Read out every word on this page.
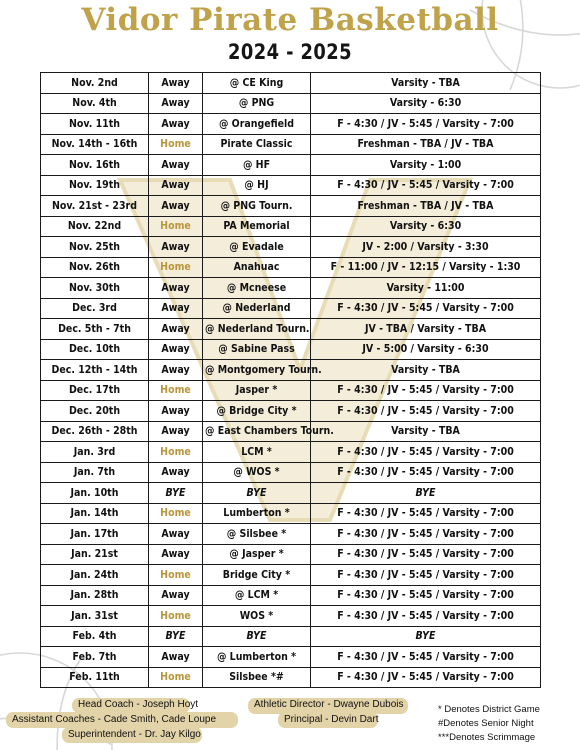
Vidor Pirate Basketball
2024 - 2025
Nov. 2nd	Away	@ CE King	Varsity - TBA
Nov. 4th	Away	@ PNG	Varsity - 6:30
Nov. 11th	Away	@ Orangefield	F - 4:30 / JV - 5:45 / Varsity - 7:00
Nov. 14th - 16th	Home	Pirate Classic	Freshman - TBA / JV - TBA
Nov. 16th	Away	@ HF	Varsity - 1:00
Nov. 19th	Away	@ HJ	F - 4:30 / JV - 5:45 / Varsity - 7:00
Nov. 21st - 23rd	Away	@ PNG Tourn.	Freshman - TBA / JV - TBA
Nov. 22nd	Home	PA Memorial	Varsity - 6:30
Nov. 25th	Away	@ Evadale	JV - 2:00 / Varsity - 3:30
Nov. 26th	Home	Anahuac	F - 11:00 / JV - 12:15 / Varsity - 1:30
Nov. 30th	Away	@ Mcneese	Varsity - 11:00
Dec. 3rd	Away	@ Nederland	F - 4:30 / JV - 5:45 / Varsity - 7:00
Dec. 5th - 7th	Away	@ Nederland Tourn.	JV - TBA / Varsity - TBA
Dec. 10th	Away	@ Sabine Pass	JV - 5:00 / Varsity - 6:30
Dec. 12th - 14th	Away	@ Montgomery Tourn.	Varsity - TBA
Dec. 17th	Home	Jasper *	F - 4:30 / JV - 5:45 / Varsity - 7:00
Dec. 20th	Away	@ Bridge City *	F - 4:30 / JV - 5:45 / Varsity - 7:00
Dec. 26th - 28th	Away	@ East Chambers Tourn.	Varsity - TBA
Jan. 3rd	Home	LCM *	F - 4:30 / JV - 5:45 / Varsity - 7:00
Jan. 7th	Away	@ WOS *	F - 4:30 / JV - 5:45 / Varsity - 7:00
Jan. 10th	BYE	BYE	BYE
Jan. 14th	Home	Lumberton *	F - 4:30 / JV - 5:45 / Varsity - 7:00
Jan. 17th	Away	@ Silsbee *	F - 4:30 / JV - 5:45 / Varsity - 7:00
Jan. 21st	Away	@ Jasper *	F - 4:30 / JV - 5:45 / Varsity - 7:00
Jan. 24th	Home	Bridge City *	F - 4:30 / JV - 5:45 / Varsity - 7:00
Jan. 28th	Away	@ LCM *	F - 4:30 / JV - 5:45 / Varsity - 7:00
Jan. 31st	Home	WOS *	F - 4:30 / JV - 5:45 / Varsity - 7:00
Feb. 4th	BYE	BYE	BYE
Feb. 7th	Away	@ Lumberton *	F - 4:30 / JV - 5:45 / Varsity - 7:00
Feb. 11th	Home	Silsbee *#	F - 4:30 / JV - 5:45 / Varsity - 7:00
Head Coach - Joseph Hoyt
Assistant Coaches - Cade Smith, Cade Loupe
Superintendent - Dr. Jay Kilgo
Athletic Director - Dwayne Dubois
Principal - Devin Dart
* Denotes District Game
#Denotes Senior Night
***Denotes Scrimmage
